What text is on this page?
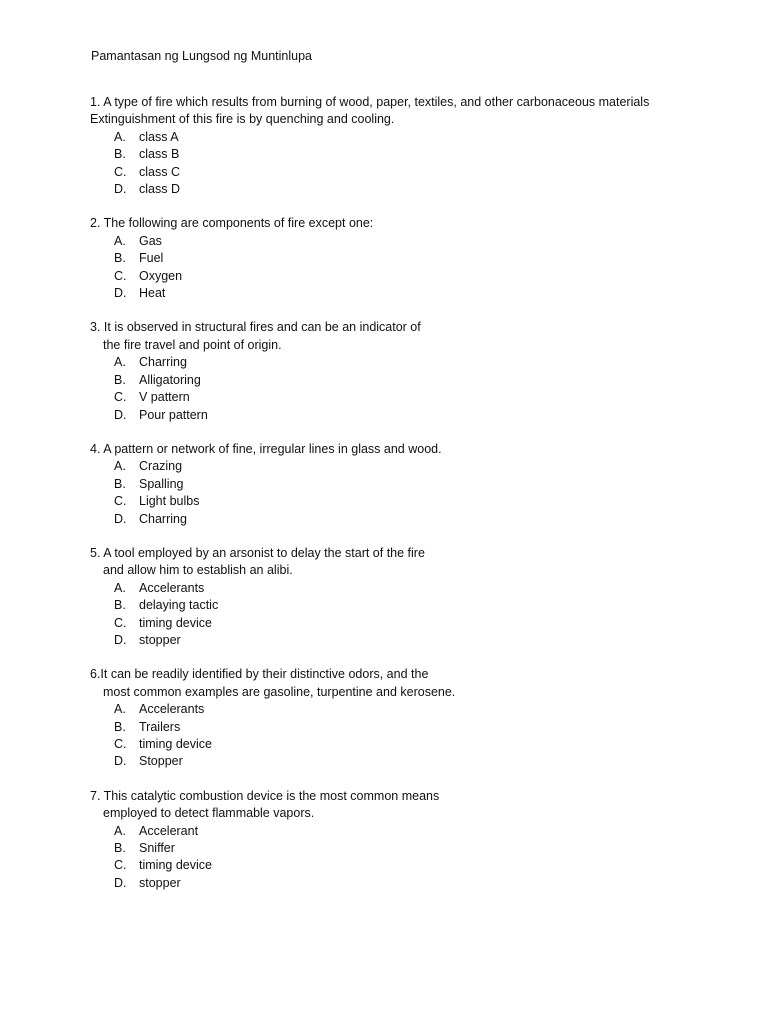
Pamantasan ng Lungsod ng Muntinlupa
1. A type of fire which results from burning of wood, paper, textiles, and other carbonaceous materials
Extinguishment of this fire is by quenching and cooling.
A.	class A
B.	class B
C.	class C
D.	class D
2. The following are components of fire except one:
A.	Gas
B.	Fuel
C.	Oxygen
D.	Heat
3. It is observed in structural fires and can be an indicator of
the fire travel and point of origin.
A.	Charring
B.	Alligatoring
C.	V pattern
D.	Pour pattern
4. A pattern or network of fine, irregular lines in glass and wood.
A.	Crazing
B.	Spalling
C.	Light bulbs
D.	Charring
5. A tool employed by an arsonist to delay the start of the fire
and allow him to establish an alibi.
A.	Accelerants
B.	delaying tactic
C.	timing device
D.	stopper
6.It can be readily identified by their distinctive odors, and the
most common examples are gasoline, turpentine and kerosene.
A.	Accelerants
B.	Trailers
C.	timing device
D.	Stopper
7. This catalytic combustion device is the most common means
employed to detect flammable vapors.
A.	Accelerant
B.	Sniffer
C.	timing device
D.	stopper
